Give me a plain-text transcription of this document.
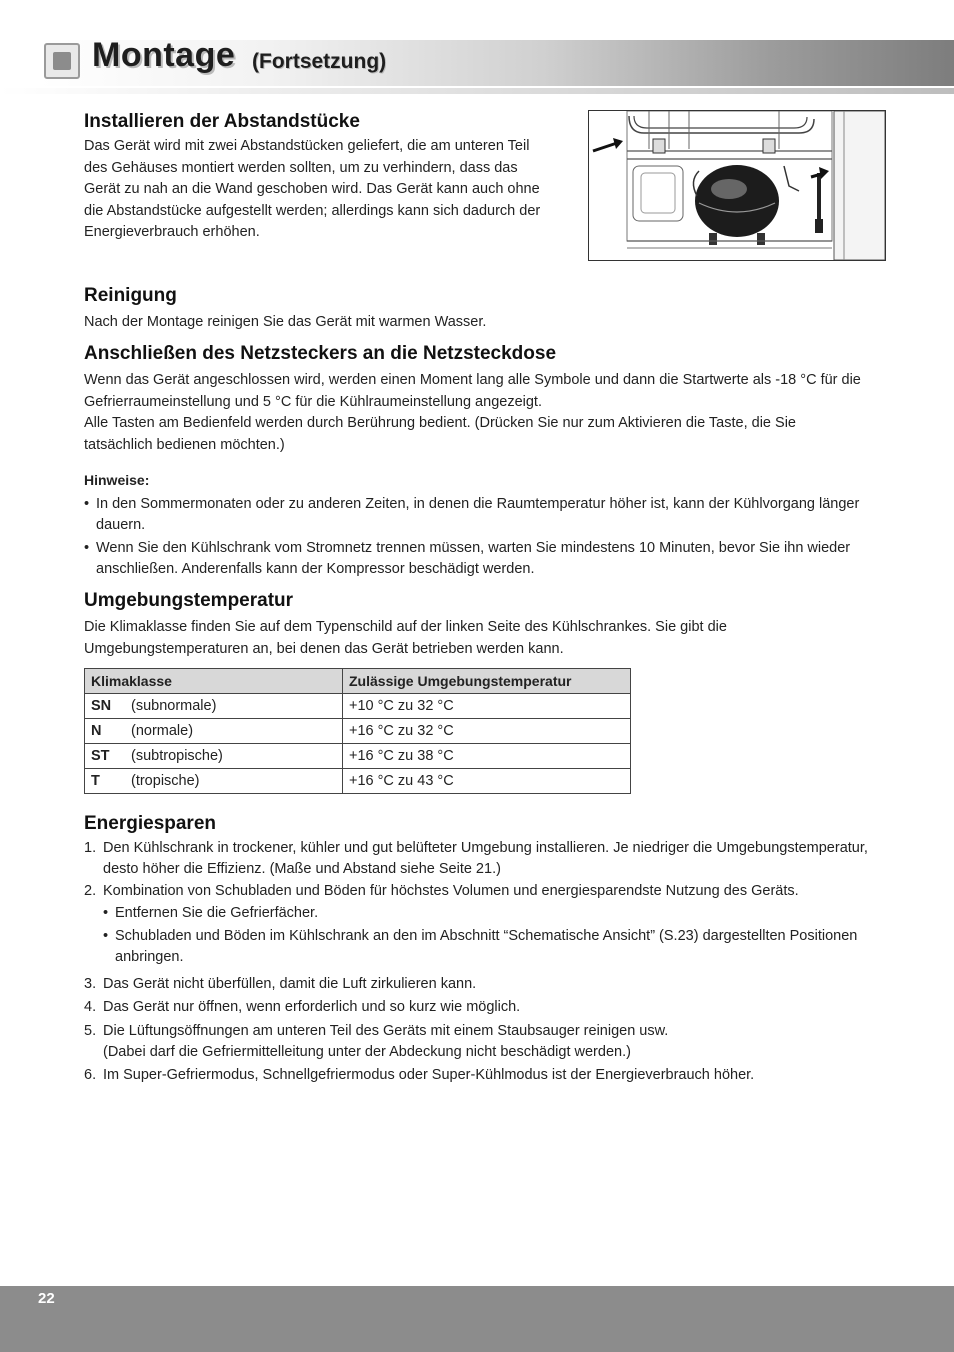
Montage (Fortsetzung)
Installieren der Abstandstücke
Das Gerät wird mit zwei Abstandstücken geliefert, die am unteren Teil
des Gehäuses montiert werden sollten, um zu verhindern, dass das
Gerät zu nah an die Wand geschoben wird. Das Gerät kann auch ohne
die Abstandstücke aufgestellt werden; allerdings kann sich dadurch der
Energieverbrauch erhöhen.
Reinigung
Nach der Montage reinigen Sie das Gerät mit warmen Wasser.
Anschließen des Netzsteckers an die Netzsteckdose
Wenn das Gerät angeschlossen wird, werden einen Moment lang alle Symbole und dann die Startwerte als -18 °C für die
Gefrierraumeinstellung und 5 °C für die Kühlraumeinstellung angezeigt.
Alle Tasten am Bedienfeld werden durch Berührung bedient. (Drücken Sie nur zum Aktivieren die Taste, die Sie
tatsächlich bedienen möchten.)
Hinweise:
• In den Sommermonaten oder zu anderen Zeiten, in denen die Raumtemperatur höher ist, kann der Kühlvorgang länger dauern.
• Wenn Sie den Kühlschrank vom Stromnetz trennen müssen, warten Sie mindestens 10 Minuten, bevor Sie ihn wieder anschließen. Anderenfalls kann der Kompressor beschädigt werden.
Umgebungstemperatur
Die Klimaklasse finden Sie auf dem Typenschild auf der linken Seite des Kühlschrankes. Sie gibt die
Umgebungstemperaturen an, bei denen das Gerät betrieben werden kann.
Klimaklasse	Zulässige Umgebungstemperatur
SN (subnormale)	+10 °C zu 32 °C
N (normale)	+16 °C zu 32 °C
ST (subtropische)	+16 °C zu 38 °C
T (tropische)	+16 °C zu 43 °C
Energiesparen
1. Den Kühlschrank in trockener, kühler und gut belüfteter Umgebung installieren. Je niedriger die Umgebungstemperatur, desto höher die Effizienz. (Maße und Abstand siehe Seite 21.)
2. Kombination von Schubladen und Böden für höchstes Volumen und energiesparendste Nutzung des Geräts.
• Entfernen Sie die Gefrierfächer.
• Schubladen und Böden im Kühlschrank an den im Abschnitt “Schematische Ansicht” (S.23) dargestellten Positionen anbringen.
3. Das Gerät nicht überfüllen, damit die Luft zirkulieren kann.
4. Das Gerät nur öffnen, wenn erforderlich und so kurz wie möglich.
5. Die Lüftungsöffnungen am unteren Teil des Geräts mit einem Staubsauger reinigen usw.
(Dabei darf die Gefriermittelleitung unter der Abdeckung nicht beschädigt werden.)
6. Im Super-Gefriermodus, Schnellgefriermodus oder Super-Kühlmodus ist der Energieverbrauch höher.
22
